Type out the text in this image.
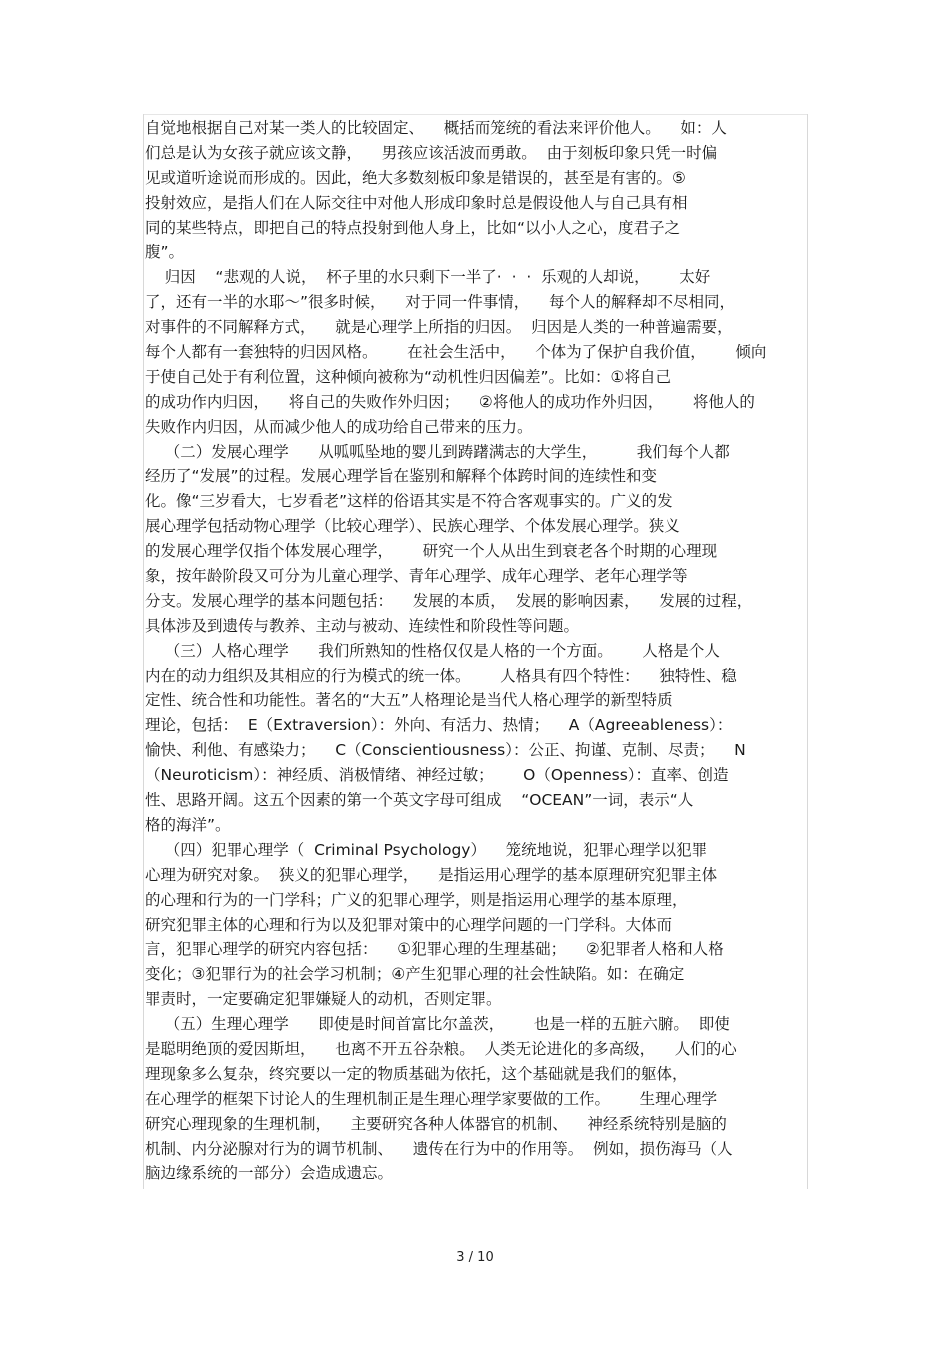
自觉地根据自己对某一类人的比较固定、    概括而笼统的看法来评价他人。    如：人
们总是认为女孩子就应该文静，    男孩应该活波而勇敢。  由于刻板印象只凭一时偏
见或道听途说而形成的。因此，绝大多数刻板印象是错误的，甚至是有害的。⑤
投射效应，是指人们在人际交往中对他人形成印象时总是假设他人与自己具有相
同的某些特点，即把自己的特点投射到他人身上，比如“以小人之心，度君子之
腹”。
归因    “悲观的人说，  杯子里的水只剩下一半了·  ·  ·  乐观的人却说，      太好
了，还有一半的水耶～”很多时候，    对于同一件事情，    每个人的解释却不尽相同，
对事件的不同解释方式，    就是心理学上所指的归因。  归因是人类的一种普遍需要，
每个人都有一套独特的归因风格。      在社会生活中，    个体为了保护自我价值，      倾向
于使自己处于有利位置，这种倾向被称为“动机性归因偏差”。比如：①将自己
的成功作内归因，    将自己的失败作外归因；    ②将他人的成功作外归因，      将他人的
失败作内归因，从而减少他人的成功给自己带来的压力。
（二）发展心理学      从呱呱坠地的婴儿到踌躇满志的大学生，        我们每个人都
经历了“发展”的过程。发展心理学旨在鉴别和解释个体跨时间的连续性和变
化。像“三岁看大，七岁看老”这样的俗语其实是不符合客观事实的。广义的发
展心理学包括动物心理学（比较心理学）、民族心理学、个体发展心理学。狭义
的发展心理学仅指个体发展心理学，      研究一个人从出生到衰老各个时期的心理现
象，按年龄阶段又可分为儿童心理学、青年心理学、成年心理学、老年心理学等
分支。发展心理学的基本问题包括：    发展的本质，  发展的影响因素，    发展的过程，
具体涉及到遗传与教养、主动与被动、连续性和阶段性等问题。
（三）人格心理学      我们所熟知的性格仅仅是人格的一个方面。      人格是个人
内在的动力组织及其相应的行为模式的统一体。      人格具有四个特性：    独特性、稳
定性、统合性和功能性。著名的“大五”人格理论是当代人格心理学的新型特质
理论，包括：  E（Extraversion）：外向、有活力、热情；    A（Agreeableness）：
愉快、利他、有感染力；    C（Conscientiousness）：公正、拘谨、克制、尽责；    N
（Neuroticism）：神经质、消极情绪、神经过敏；      O（Openness）：直率、创造
性、思路开阔。这五个因素的第一个英文字母可组成    “OCEAN”一词，表示“人
格的海洋”。
（四）犯罪心理学（  Criminal Psychology）    笼统地说，犯罪心理学以犯罪
心理为研究对象。  狭义的犯罪心理学，    是指运用心理学的基本原理研究犯罪主体
的心理和行为的一门学科；广义的犯罪心理学，则是指运用心理学的基本原理，
研究犯罪主体的心理和行为以及犯罪对策中的心理学问题的一门学科。大体而
言，犯罪心理学的研究内容包括：    ①犯罪心理的生理基础；    ②犯罪者人格和人格
变化；③犯罪行为的社会学习机制；④产生犯罪心理的社会性缺陷。如：在确定
罪责时，一定要确定犯罪嫌疑人的动机，否则定罪。
（五）生理心理学      即使是时间首富比尔盖茨，      也是一样的五脏六腑。  即使
是聪明绝顶的爱因斯坦，    也离不开五谷杂粮。  人类无论进化的多高级，    人们的心
理现象多么复杂，终究要以一定的物质基础为依托，这个基础就是我们的躯体，
在心理学的框架下讨论人的生理机制正是生理心理学家要做的工作。      生理心理学
研究心理现象的生理机制，    主要研究各种人体器官的机制、    神经系统特别是脑的
机制、内分泌腺对行为的调节机制、    遗传在行为中的作用等。  例如，损伤海马（人
脑边缘系统的一部分）会造成遗忘。
3 / 10
